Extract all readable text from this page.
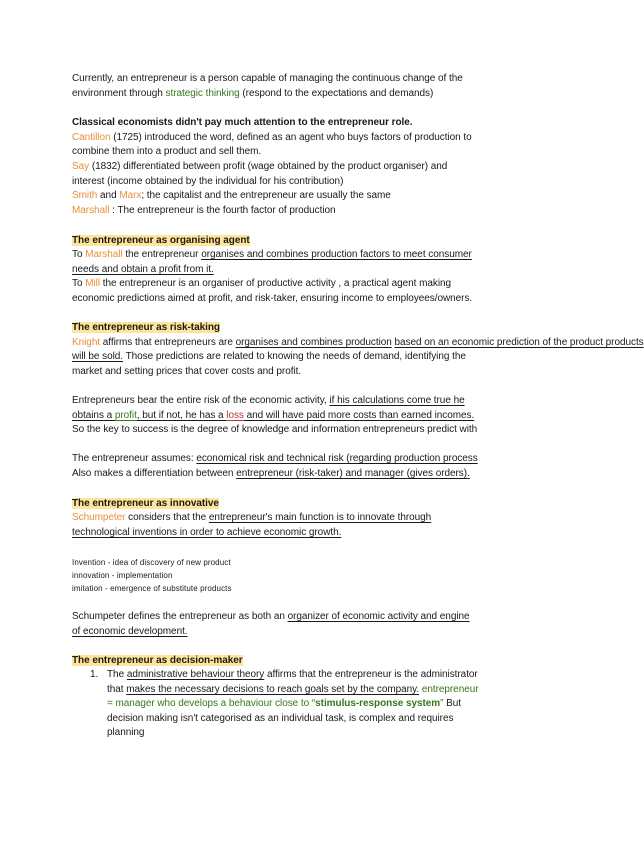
Currently, an entrepreneur is a person capable of managing the continuous change of the
environment through strategic thinking (respond to the expectations and demands)
Classical economists didn't pay much attention to the entrepreneur role.
Cantillon (1725) introduced the word, defined as an agent who buys factors of production to
combine them into a product and sell them.
Say (1832) differentiated between profit (wage obtained by the product organiser) and
interest (income obtained by the individual for his contribution)
Smith and Marx; the capitalist and the entrepreneur are usually the same
Marshall : The entrepreneur is the fourth factor of production
The entrepreneur as organising agent
To Marshall the entrepreneur organises and combines production factors to meet consumer
needs and obtain a profit from it.
To Mill the entrepreneur is an organiser of productive activity , a practical agent making
economic predictions aimed at profit, and risk-taker, ensuring income to employees/owners.
The entrepreneur as risk-taking
Knight affirms that entrepreneurs are organises and combines production based on an economic prediction of the product products
will be sold. Those predictions are related to knowing the needs of demand, identifying the
market and setting prices that cover costs and profit.
Entrepreneurs bear the entire risk of the economic activity, if his calculations come true he
obtains a profit, but if not, he has a loss and will have paid more costs than earned incomes.
So the key to success is the degree of knowledge and information entrepreneurs predict with
The entrepreneur assumes: economical risk and technical risk (regarding production process
Also makes a differentiation between entrepreneur (risk-taker) and manager (gives orders).
The entrepreneur as innovative
Schumpeter considers that the entrepreneur's main function is to innovate through
technological inventions in order to achieve economic growth.
Invention - idea of discovery of new product
innovation - implementation
imitation - emergence of substitute products
Schumpeter defines the entrepreneur as both an organizer of economic activity and engine
of economic development.
The entrepreneur as decision-maker
1. The administrative behaviour theory affirms that the entrepreneur is the administrator
that makes the necessary decisions to reach goals set by the company. entrepreneur
= manager who develops a behaviour close to “stimulus-response system” But
decision making isn't categorised as an individual task, is complex and requires
planning
